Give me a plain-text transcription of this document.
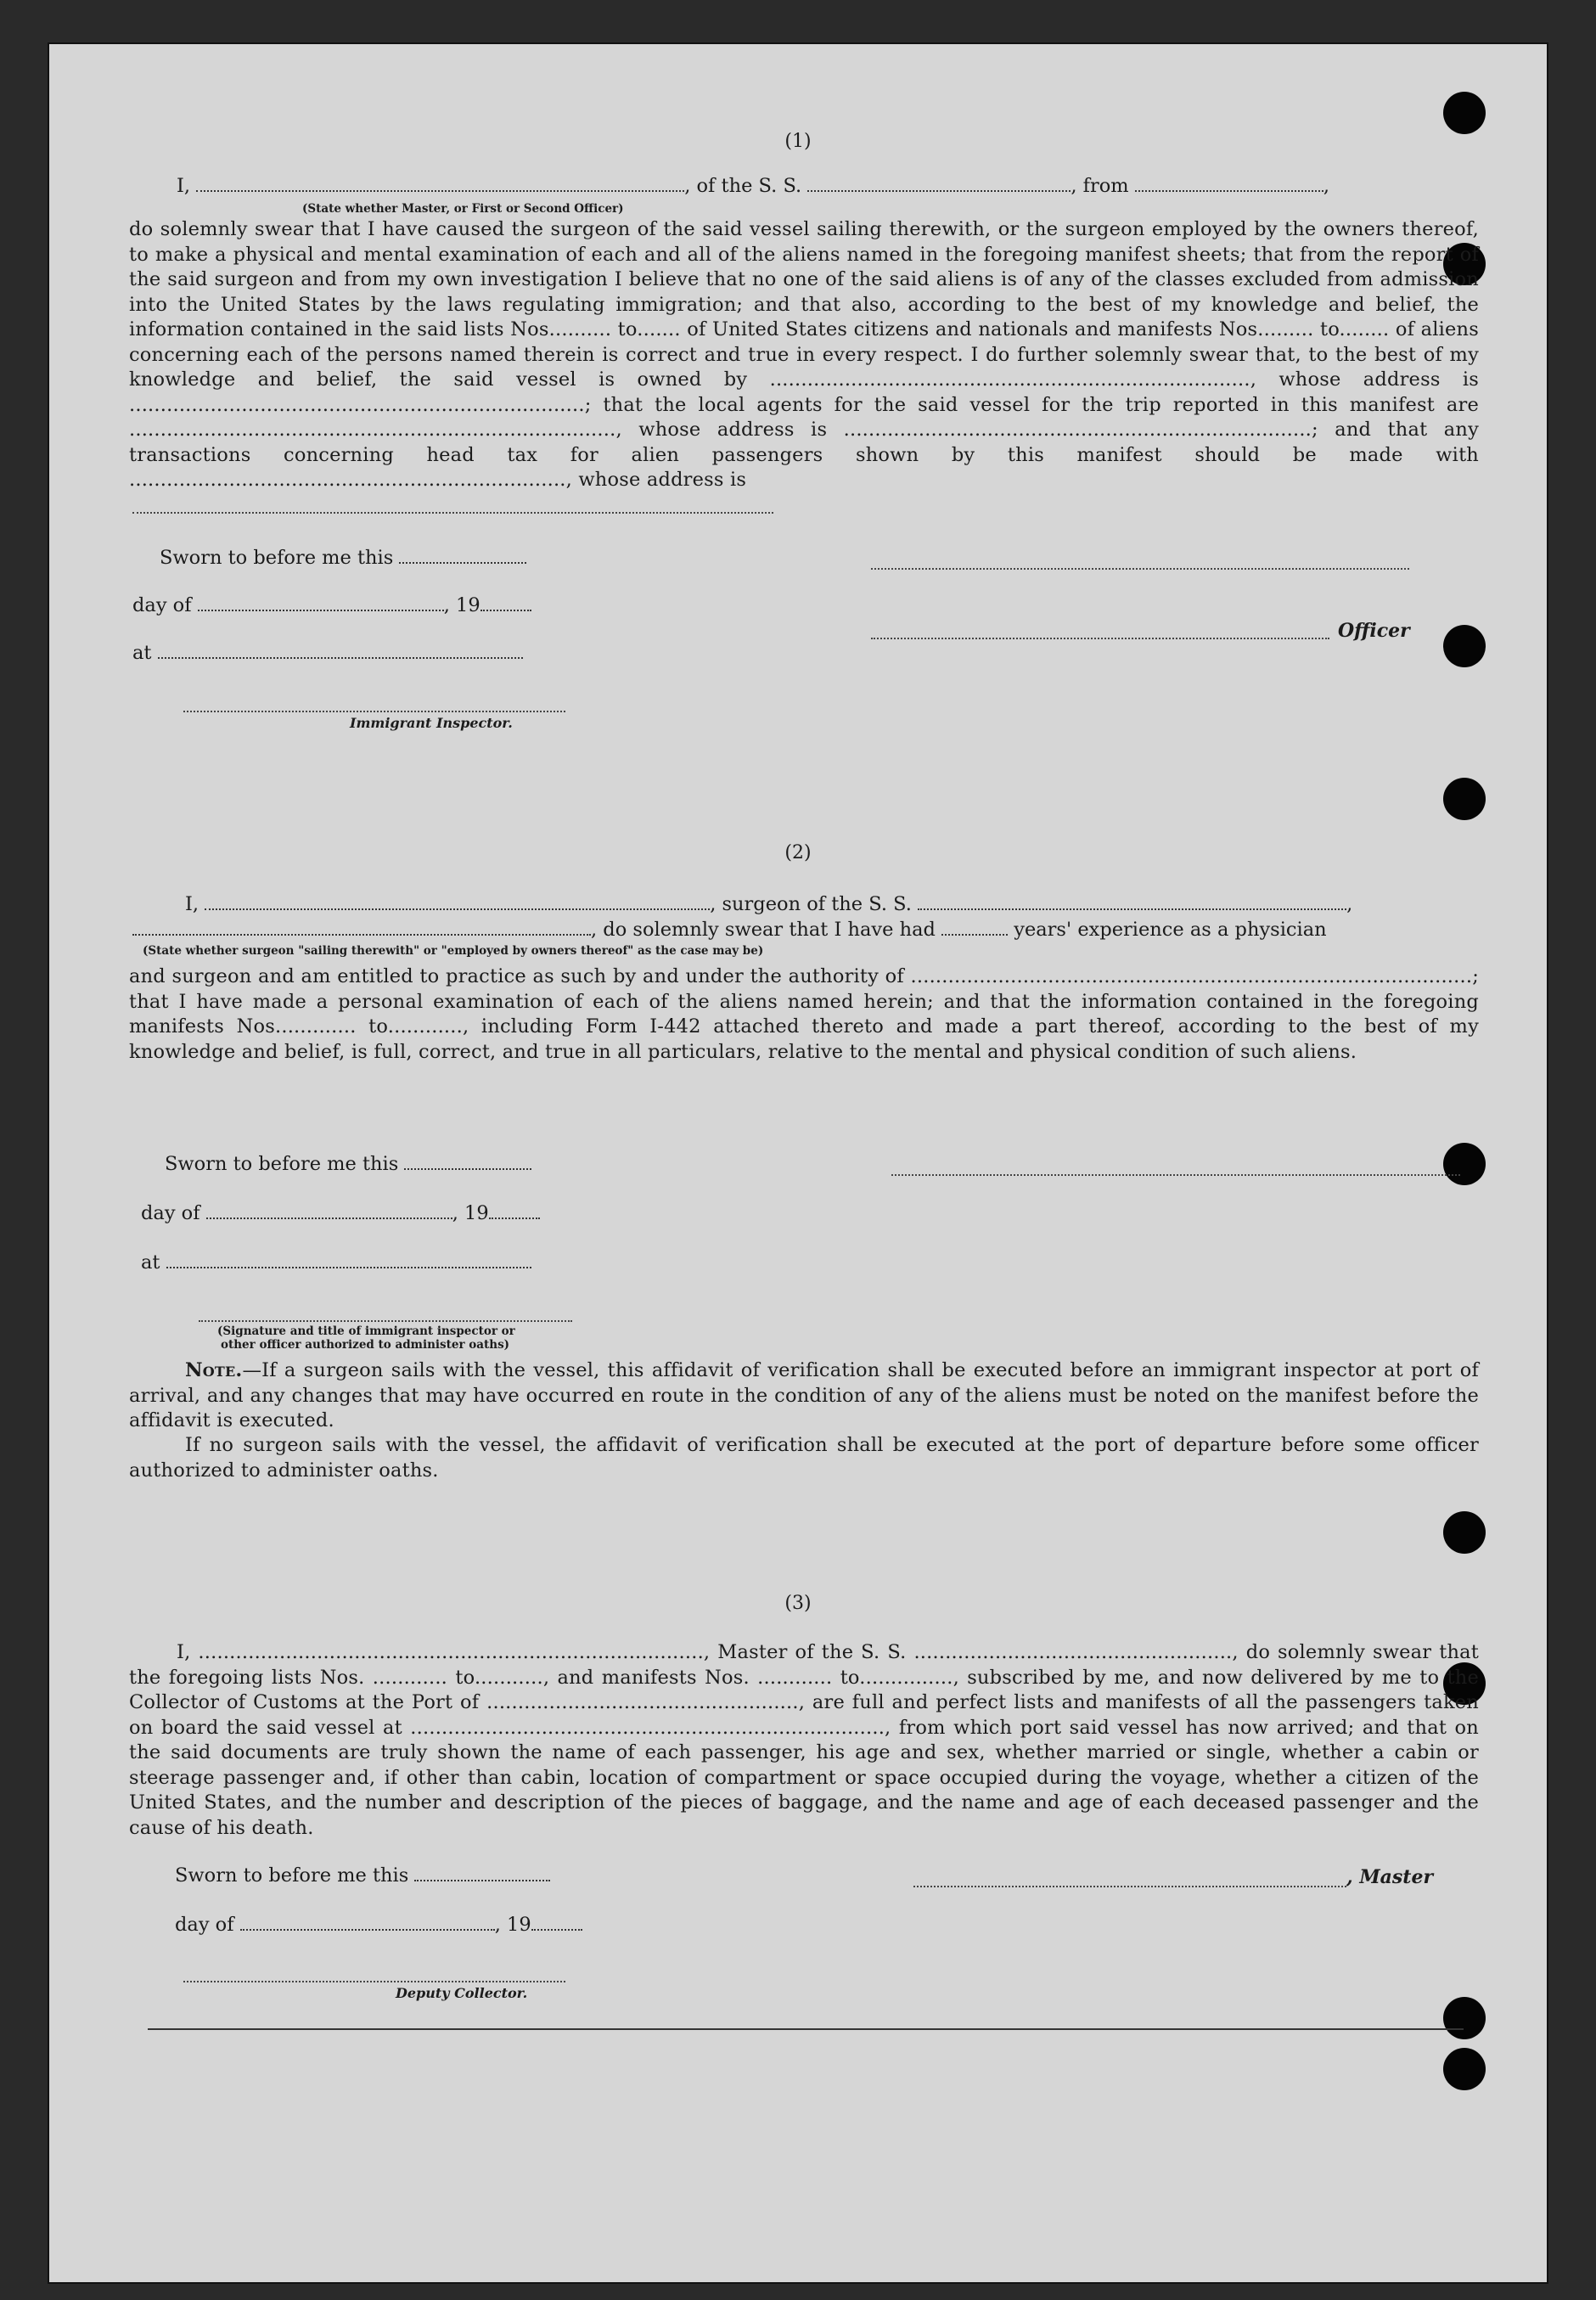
(1)
I,	, of the S. S.	, from	,
(State whether Master, or First or Second Officer)
do solemnly swear that I have caused the surgeon of the said vessel sailing therewith, or the surgeon employed by the owners thereof, to make a physical and mental examination of each and all of the aliens named in the foregoing manifest sheets; that from the report of the said surgeon and from my own investigation I believe that no one of the said aliens is of any of the classes excluded from admission into the United States by the laws regulating immigration; and that also, according to the best of my knowledge and belief, the information contained in the said lists Nos.......... to....... of United States citizens and nationals and manifests Nos......... to........ of aliens concerning each of the persons named therein is correct and true in every respect. I do further solemnly swear that, to the best of my knowledge and belief, the said vessel is owned by ............................................................................., whose address is .........................................................................; that the local agents for the said vessel for the trip reported in this manifest are .............................................................................., whose address is ...........................................................................; and that any transactions concerning head tax for alien passengers shown by this manifest should be made with ......................................................................, whose address is
Sworn to before me this
day of	, 19
Officer
at
Immigrant Inspector.
(2)
I,	, surgeon of the S. S.	,
, do solemnly swear that I have had	years' experience as a physician
(State whether surgeon "sailing therewith" or "employed by owners thereof" as the case may be)
and surgeon and am entitled to practice as such by and under the authority of ..........................................................................................; that I have made a personal examination of each of the aliens named herein; and that the information contained in the foregoing manifests Nos............. to............, including Form I-442 attached thereto and made a part thereof, according to the best of my knowledge and belief, is full, correct, and true in all particulars, relative to the mental and physical condition of such aliens.
Sworn to before me this
day of	, 19
at
(Signature and title of immigrant inspector or
other officer authorized to administer oaths)
Note.—If a surgeon sails with the vessel, this affidavit of verification shall be executed before an immigrant inspector at port of arrival, and any changes that may have occurred en route in the condition of any of the aliens must be noted on the manifest before the affidavit is executed.
If no surgeon sails with the vessel, the affidavit of verification shall be executed at the port of departure before some officer authorized to administer oaths.
(3)
I, ................................................................................., Master of the S. S. ..................................................., do solemnly swear that the foregoing lists Nos. ............ to..........., and manifests Nos. ............ to..............., subscribed by me, and now delivered by me to the Collector of Customs at the Port of .................................................., are full and perfect lists and manifests of all the passengers taken on board the said vessel at ............................................................................, from which port said vessel has now arrived; and that on the said documents are truly shown the name of each passenger, his age and sex, whether married or single, whether a cabin or steerage passenger and, if other than cabin, location of compartment or space occupied during the voyage, whether a citizen of the United States, and the number and description of the pieces of baggage, and the name and age of each deceased passenger and the cause of his death.
Sworn to before me this	, Master
day of	, 19
Deputy Collector.
